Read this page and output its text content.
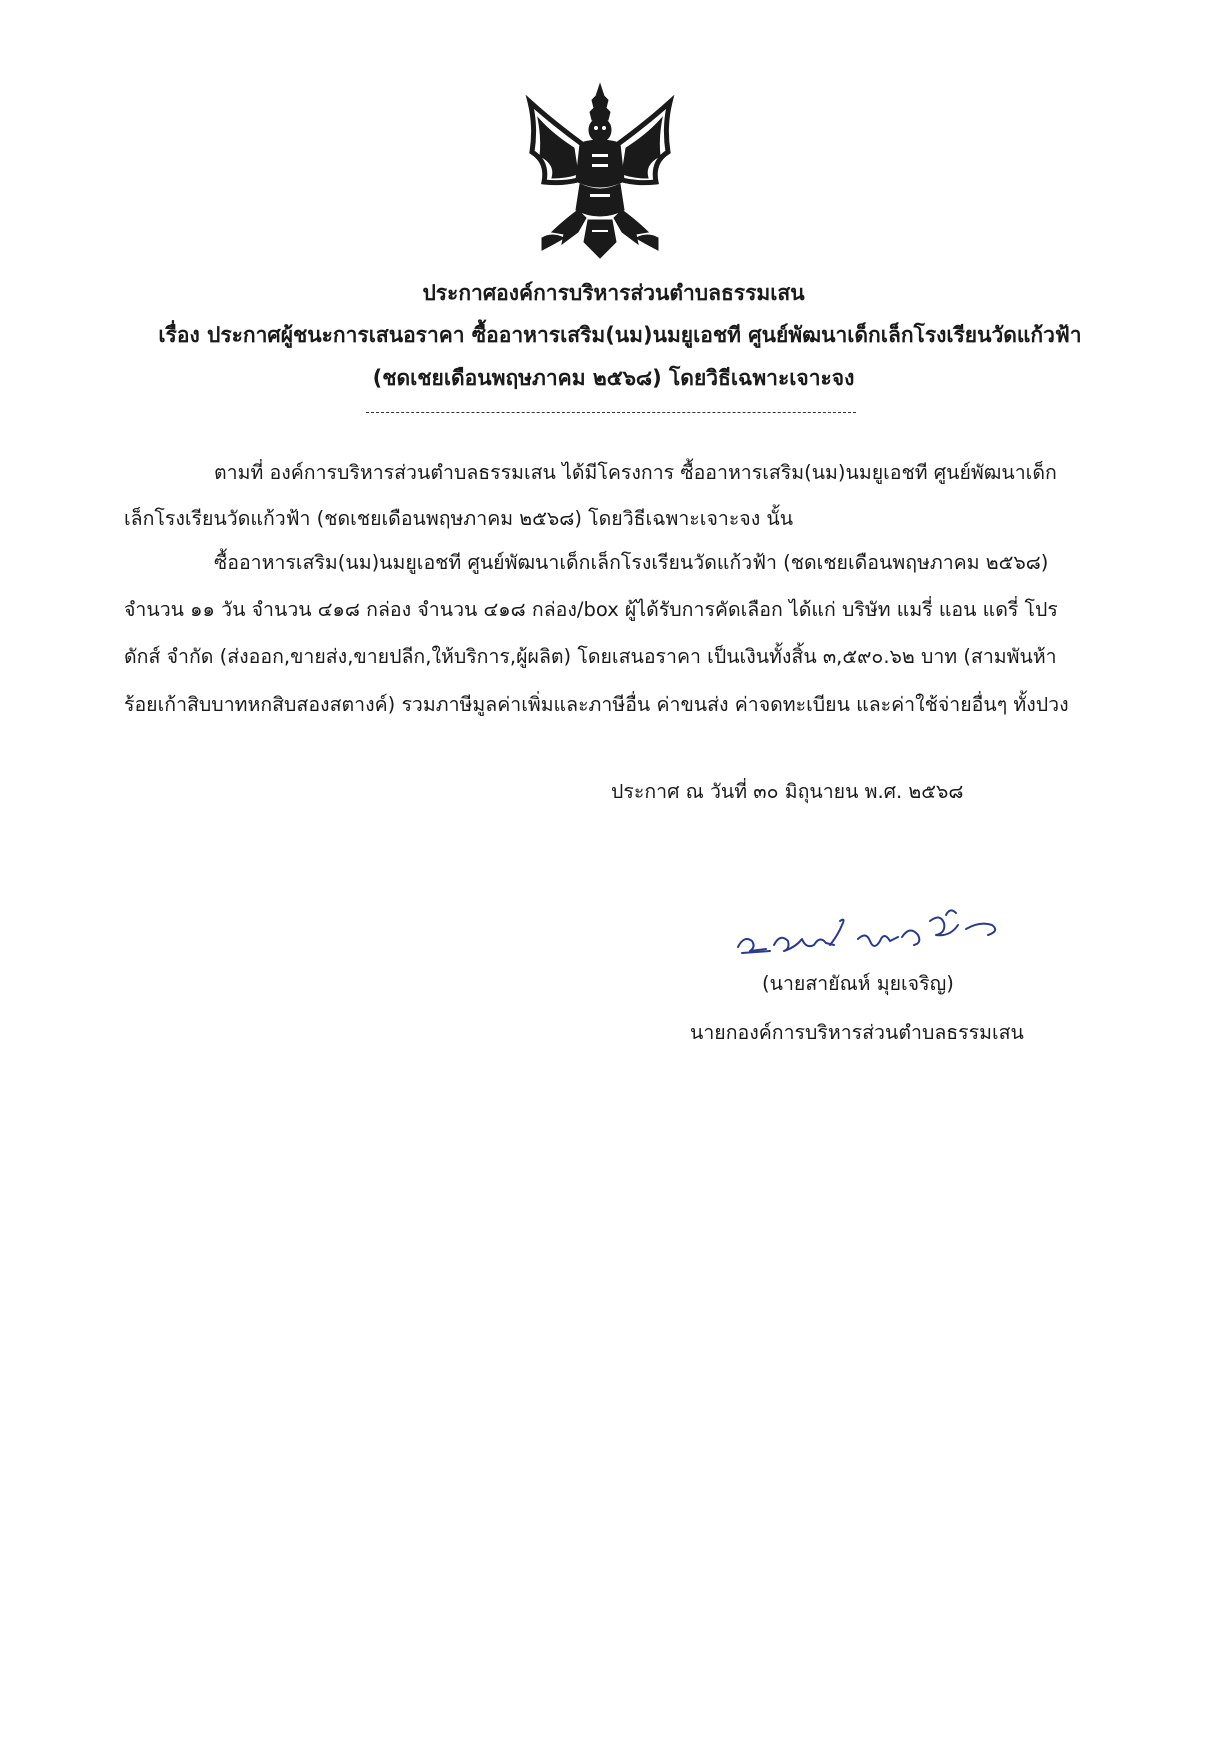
ประกาศองค์การบริหารส่วนตำบลธรรมเสน
เรื่อง ประกาศผู้ชนะการเสนอราคา ซื้ออาหารเสริม(นม)นมยูเอชที ศูนย์พัฒนาเด็กเล็กโรงเรียนวัดแก้วฟ้า
(ชดเชยเดือนพฤษภาคม ๒๕๖๘) โดยวิธีเฉพาะเจาะจง
ตามที่ องค์การบริหารส่วนตำบลธรรมเสน ได้มีโครงการ ซื้ออาหารเสริม(นม)นมยูเอชที ศูนย์พัฒนาเด็ก
เล็กโรงเรียนวัดแก้วฟ้า (ชดเชยเดือนพฤษภาคม ๒๕๖๘) โดยวิธีเฉพาะเจาะจง นั้น
ซื้ออาหารเสริม(นม)นมยูเอชที ศูนย์พัฒนาเด็กเล็กโรงเรียนวัดแก้วฟ้า (ชดเชยเดือนพฤษภาคม ๒๕๖๘)
จำนวน ๑๑ วัน จำนวน ๔๑๘ กล่อง จำนวน ๔๑๘ กล่อง/box ผู้ได้รับการคัดเลือก ได้แก่ บริษัท แมรี่ แอน แดรี่ โปร
ดักส์ จำกัด (ส่งออก,ขายส่ง,ขายปลีก,ให้บริการ,ผู้ผลิต) โดยเสนอราคา เป็นเงินทั้งสิ้น ๓,๕๙๐.๖๒ บาท (สามพันห้า
ร้อยเก้าสิบบาทหกสิบสองสตางค์) รวมภาษีมูลค่าเพิ่มและภาษีอื่น ค่าขนส่ง ค่าจดทะเบียน และค่าใช้จ่ายอื่นๆ ทั้งปวง
ประกาศ ณ วันที่ ๓๐ มิถุนายน พ.ศ. ๒๕๖๘
(นายสายัณห์ มุยเจริญ)
นายกองค์การบริหารส่วนตำบลธรรมเสน
